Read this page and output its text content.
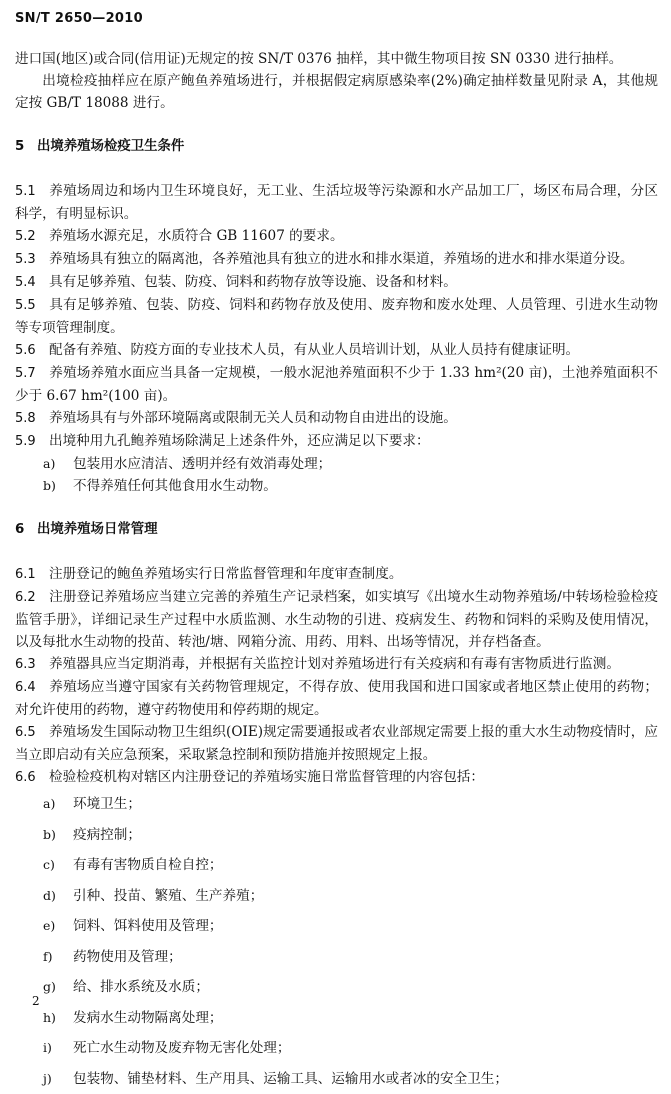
SN/T 2650—2010

进口国(地区)或合同(信用证)无规定的按 SN/T 0376 抽样，其中微生物项目按 SN 0330 进行抽样。

出境检疫抽样应在原产鲍鱼养殖场进行，并根据假定病原感染率(2%)确定抽样数量见附录 A，其他规定按 GB/T 18088 进行。

5 出境养殖场检疫卫生条件

5.1 养殖场周边和场内卫生环境良好，无工业、生活垃圾等污染源和水产品加工厂，场区布局合理，分区科学，有明显标识。

5.2 养殖场水源充足，水质符合 GB 11607 的要求。

5.3 养殖场具有独立的隔离池，各养殖池具有独立的进水和排水渠道，养殖场的进水和排水渠道分设。

5.4 具有足够养殖、包装、防疫、饲料和药物存放等设施、设备和材料。

5.5 具有足够养殖、包装、防疫、饲料和药物存放及使用、废弃物和废水处理、人员管理、引进水生动物等专项管理制度。

5.6 配备有养殖、防疫方面的专业技术人员，有从业人员培训计划，从业人员持有健康证明。

5.7 养殖场养殖水面应当具备一定规模，一般水泥池养殖面积不少于 1.33 hm²(20 亩)，土池养殖面积不少于 6.67 hm²(100 亩)。

5.8 养殖场具有与外部环境隔离或限制无关人员和动物自由进出的设施。

5.9 出境种用九孔鲍养殖场除满足上述条件外，还应满足以下要求：

a) 包装用水应清洁、透明并经有效消毒处理；
b) 不得养殖任何其他食用水生动物。
6 出境养殖场日常管理

6.1 注册登记的鲍鱼养殖场实行日常监督管理和年度审查制度。

6.2 注册登记养殖场应当建立完善的养殖生产记录档案，如实填写《出境水生动物养殖场/中转场检验检疫监管手册》，详细记录生产过程中水质监测、水生动物的引进、疫病发生、药物和饲料的采购及使用情况，以及每批水生动物的投苗、转池/塘、网箱分流、用药、用料、出场等情况，并存档备查。

6.3 养殖器具应当定期消毒，并根据有关监控计划对养殖场进行有关疫病和有毒有害物质进行监测。

6.4 养殖场应当遵守国家有关药物管理规定，不得存放、使用我国和进口国家或者地区禁止使用的药物；对允许使用的药物，遵守药物使用和停药期的规定。

6.5 养殖场发生国际动物卫生组织(OIE)规定需要通报或者农业部规定需要上报的重大水生动物疫情时，应当立即启动有关应急预案，采取紧急控制和预防措施并按照规定上报。

6.6 检验检疫机构对辖区内注册登记的养殖场实施日常监督管理的内容包括：

a) 环境卫生；
b) 疫病控制；
c) 有毒有害物质自检自控；
d) 引种、投苗、繁殖、生产养殖；
e) 饲料、饵料使用及管理；
f) 药物使用及管理；
g) 给、排水系统及水质；
h) 发病水生动物隔离处理；
i) 死亡水生动物及废弃物无害化处理；
j) 包装物、铺垫材料、生产用具、运输工具、运输用水或者冰的安全卫生；
2
